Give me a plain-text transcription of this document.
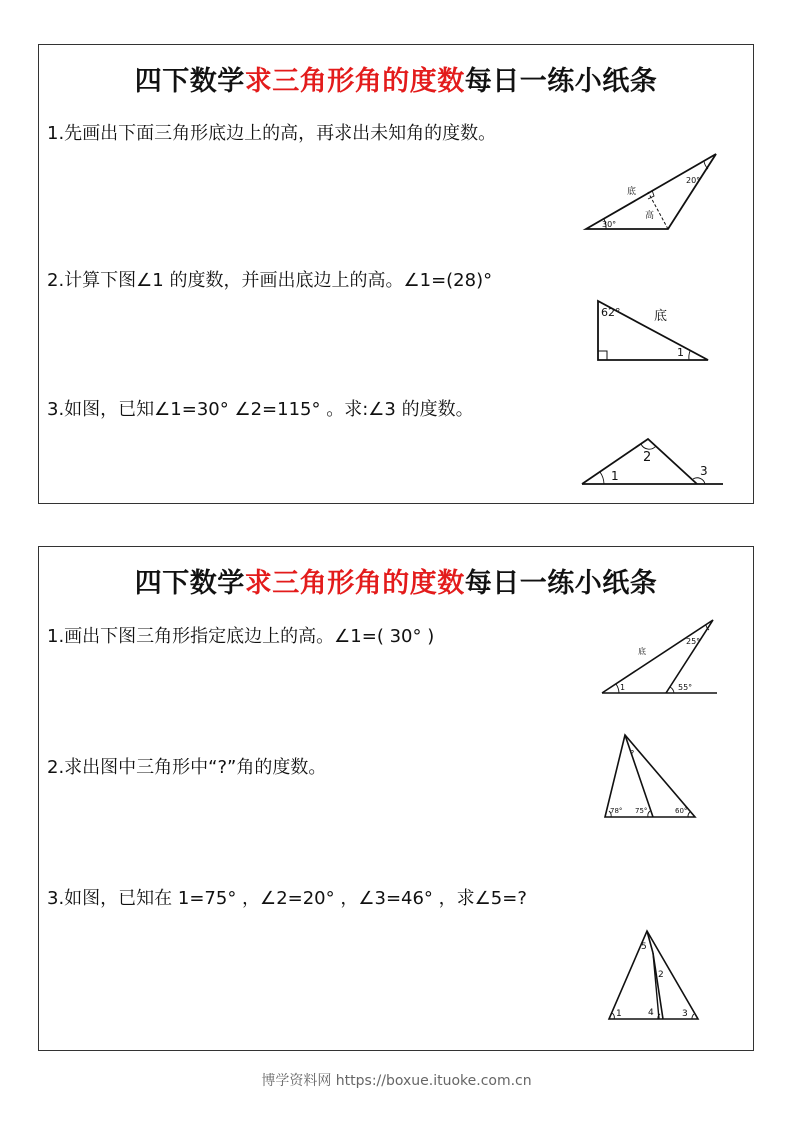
四下数学求三角形角的度数每日一练小纸条
1.先画出下面三角形底边上的高，再求出未知角的度数。
底
高
30°
20°
2.计算下图∠1 的度数，并画出底边上的高。∠1=(28)°
62°	底
1
3.如图，已知∠1=30° ∠2=115° 。求:∠3 的度数。
1
2
3
四下数学求三角形角的度数每日一练小纸条
1.画出下图三角形指定底边上的高。∠1=( 30° )
底
25°
1	55°
2.求出图中三角形中“?”角的度数。
?
78° 75°	60°
3.如图，已知在 1=75° ，∠2=20° ，∠3=46° ，求∠5=?
5
2
1	4	3
博学资料网 https://boxue.ituoke.com.cn
